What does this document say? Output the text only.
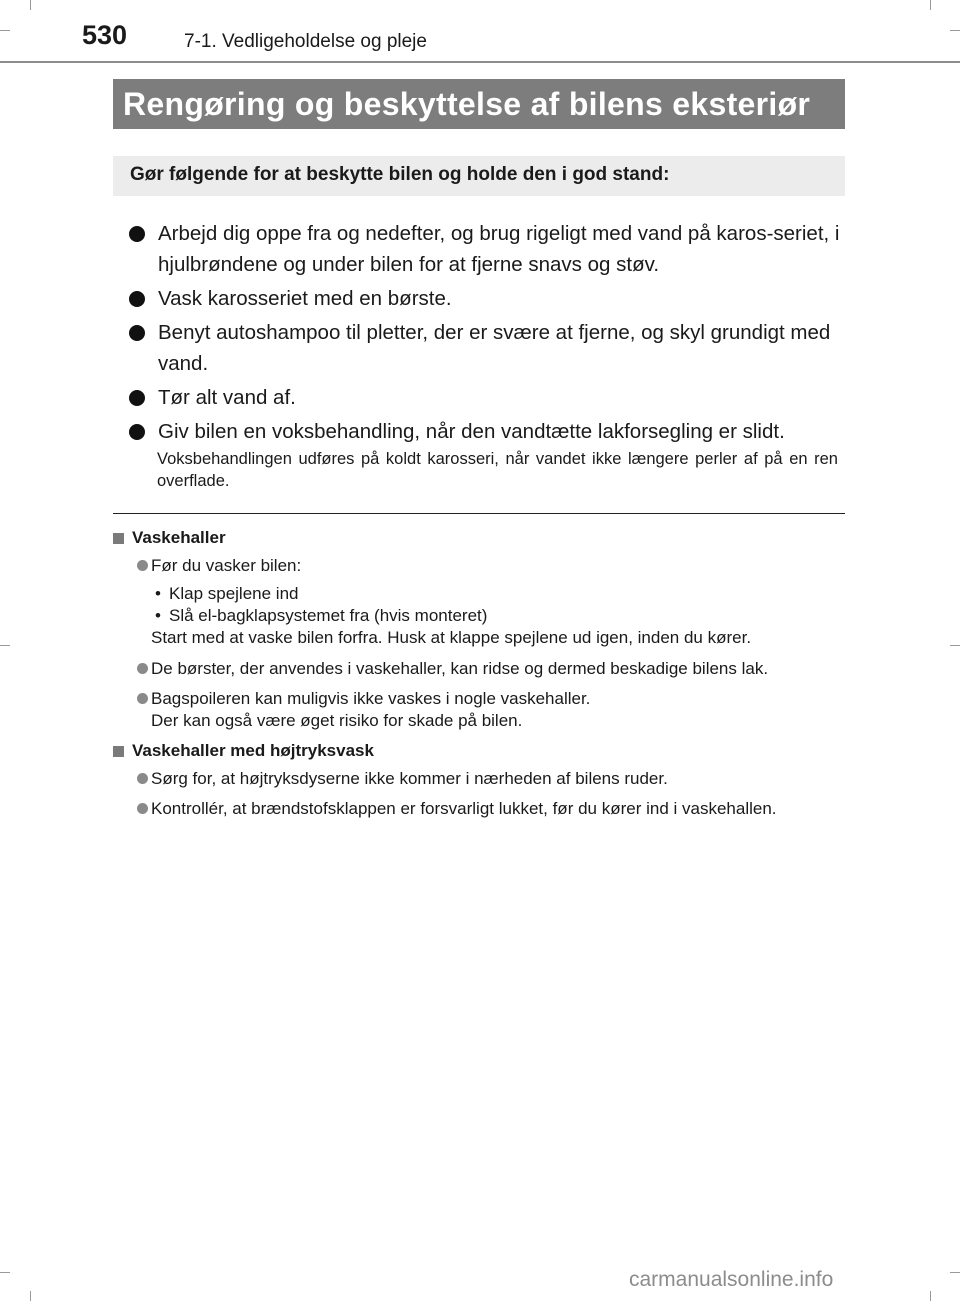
530	7-1. Vedligeholdelse og pleje
Rengøring og beskyttelse af bilens eksteriør
Gør følgende for at beskytte bilen og holde den i god stand:
Arbejd dig oppe fra og nedefter, og brug rigeligt med vand på karos-seriet, i hjulbrøndene og under bilen for at fjerne snavs og støv.
Vask karosseriet med en børste.
Benyt autoshampoo til pletter, der er svære at fjerne, og skyl grundigt med vand.
Tør alt vand af.
Giv bilen en voksbehandling, når den vandtætte lakforsegling er slidt.
Voksbehandlingen udføres på koldt karosseri, når vandet ikke længere perler af på en ren overflade.
Vaskehaller
Før du vasker bilen:
• Klap spejlene ind
• Slå el-bagklapsystemet fra (hvis monteret)
Start med at vaske bilen forfra. Husk at klappe spejlene ud igen, inden du kører.
De børster, der anvendes i vaskehaller, kan ridse og dermed beskadige bilens lak.
Bagspoileren kan muligvis ikke vaskes i nogle vaskehaller.
Der kan også være øget risiko for skade på bilen.
Vaskehaller med højtryksvask
Sørg for, at højtryksdyserne ikke kommer i nærheden af bilens ruder.
Kontrollér, at brændstofsklappen er forsvarligt lukket, før du kører ind i vaskehallen.
carmanualsonline.info
